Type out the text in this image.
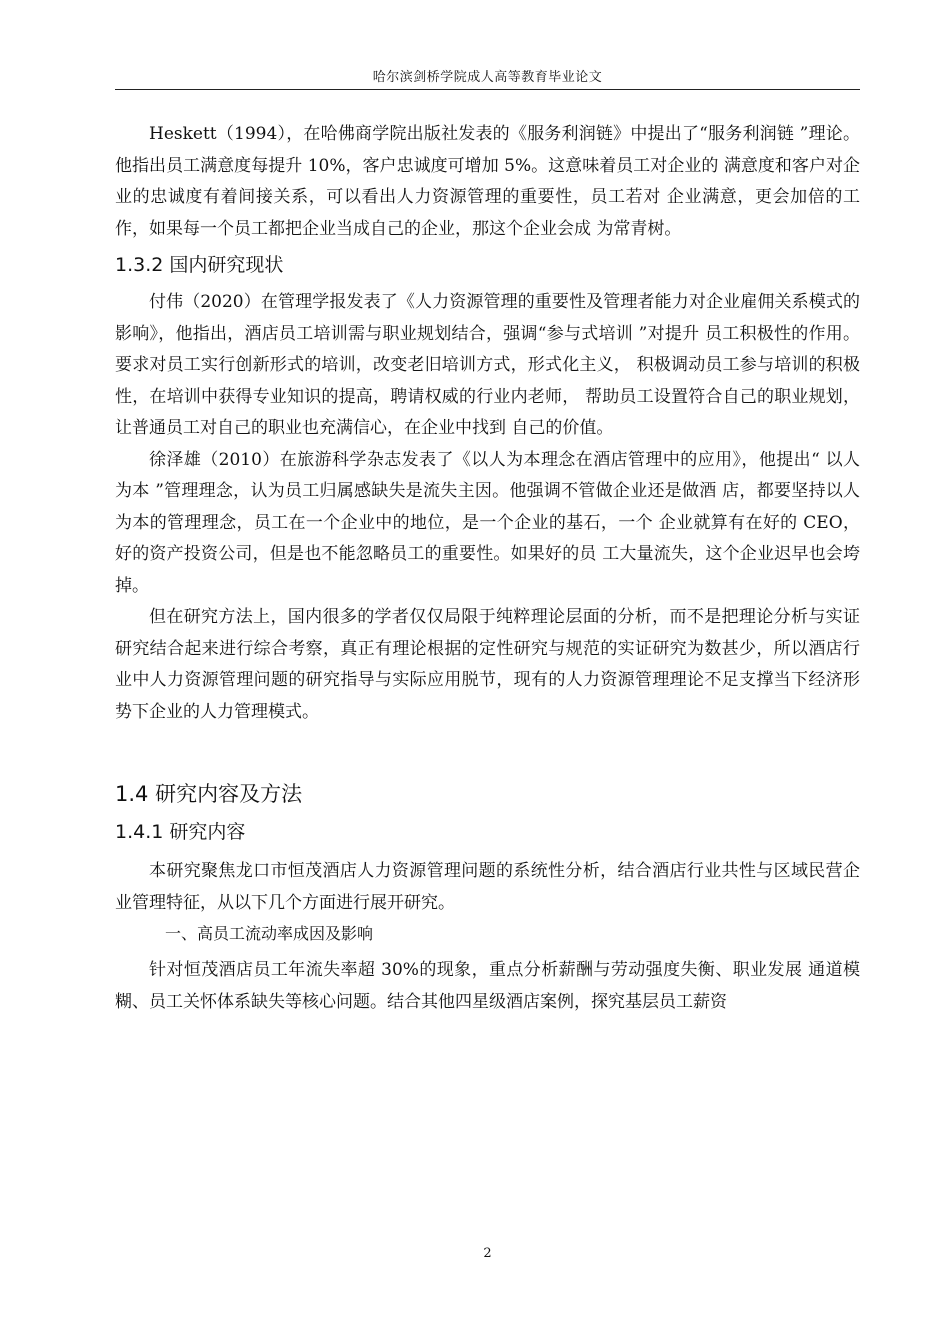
哈尔滨剑桥学院成人高等教育毕业论文

Heskett（1994），在哈佛商学院出版社发表的《服务利润链》中提出了“服务利润链 ”理论。他指出员工满意度每提升 10%，客户忠诚度可增加 5%。这意味着员工对企业的 满意度和客户对企业的忠诚度有着间接关系，可以看出人力资源管理的重要性，员工若对 企业满意，更会加倍的工作，如果每一个员工都把企业当成自己的企业，那这个企业会成 为常青树。

1.3.2 国内研究现状

付伟（2020）在管理学报发表了《人力资源管理的重要性及管理者能力对企业雇佣关系模式的影响》，他指出，酒店员工培训需与职业规划结合，强调“参与式培训 ”对提升 员工积极性的作用。要求对员工实行创新形式的培训，改变老旧培训方式，形式化主义， 积极调动员工参与培训的积极性，在培训中获得专业知识的提高，聘请权威的行业内老师， 帮助员工设置符合自己的职业规划，让普通员工对自己的职业也充满信心，在企业中找到 自己的价值。

徐泽雄（2010）在旅游科学杂志发表了《以人为本理念在酒店管理中的应用》，他提出“ 以人为本 ”管理理念，认为员工归属感缺失是流失主因。他强调不管做企业还是做酒 店，都要坚持以人为本的管理理念，员工在一个企业中的地位，是一个企业的基石，一个 企业就算有在好的 CEO，好的资产投资公司，但是也不能忽略员工的重要性。如果好的员 工大量流失，这个企业迟早也会垮掉。

但在研究方法上，国内很多的学者仅仅局限于纯粹理论层面的分析，而不是把理论分析与实证研究结合起来进行综合考察，真正有理论根据的定性研究与规范的实证研究为数甚少，所以酒店行业中人力资源管理问题的研究指导与实际应用脱节，现有的人力资源管理理论不足支撑当下经济形势下企业的人力管理模式。

1.4 研究内容及方法
1.4.1 研究内容

本研究聚焦龙口市恒茂酒店人力资源管理问题的系统性分析，结合酒店行业共性与区域民营企业管理特征，从以下几个方面进行展开研究。

一、高员工流动率成因及影响

针对恒茂酒店员工年流失率超 30%的现象，重点分析薪酬与劳动强度失衡、职业发展 通道模糊、员工关怀体系缺失等核心问题。结合其他四星级酒店案例，探究基层员工薪资

2
